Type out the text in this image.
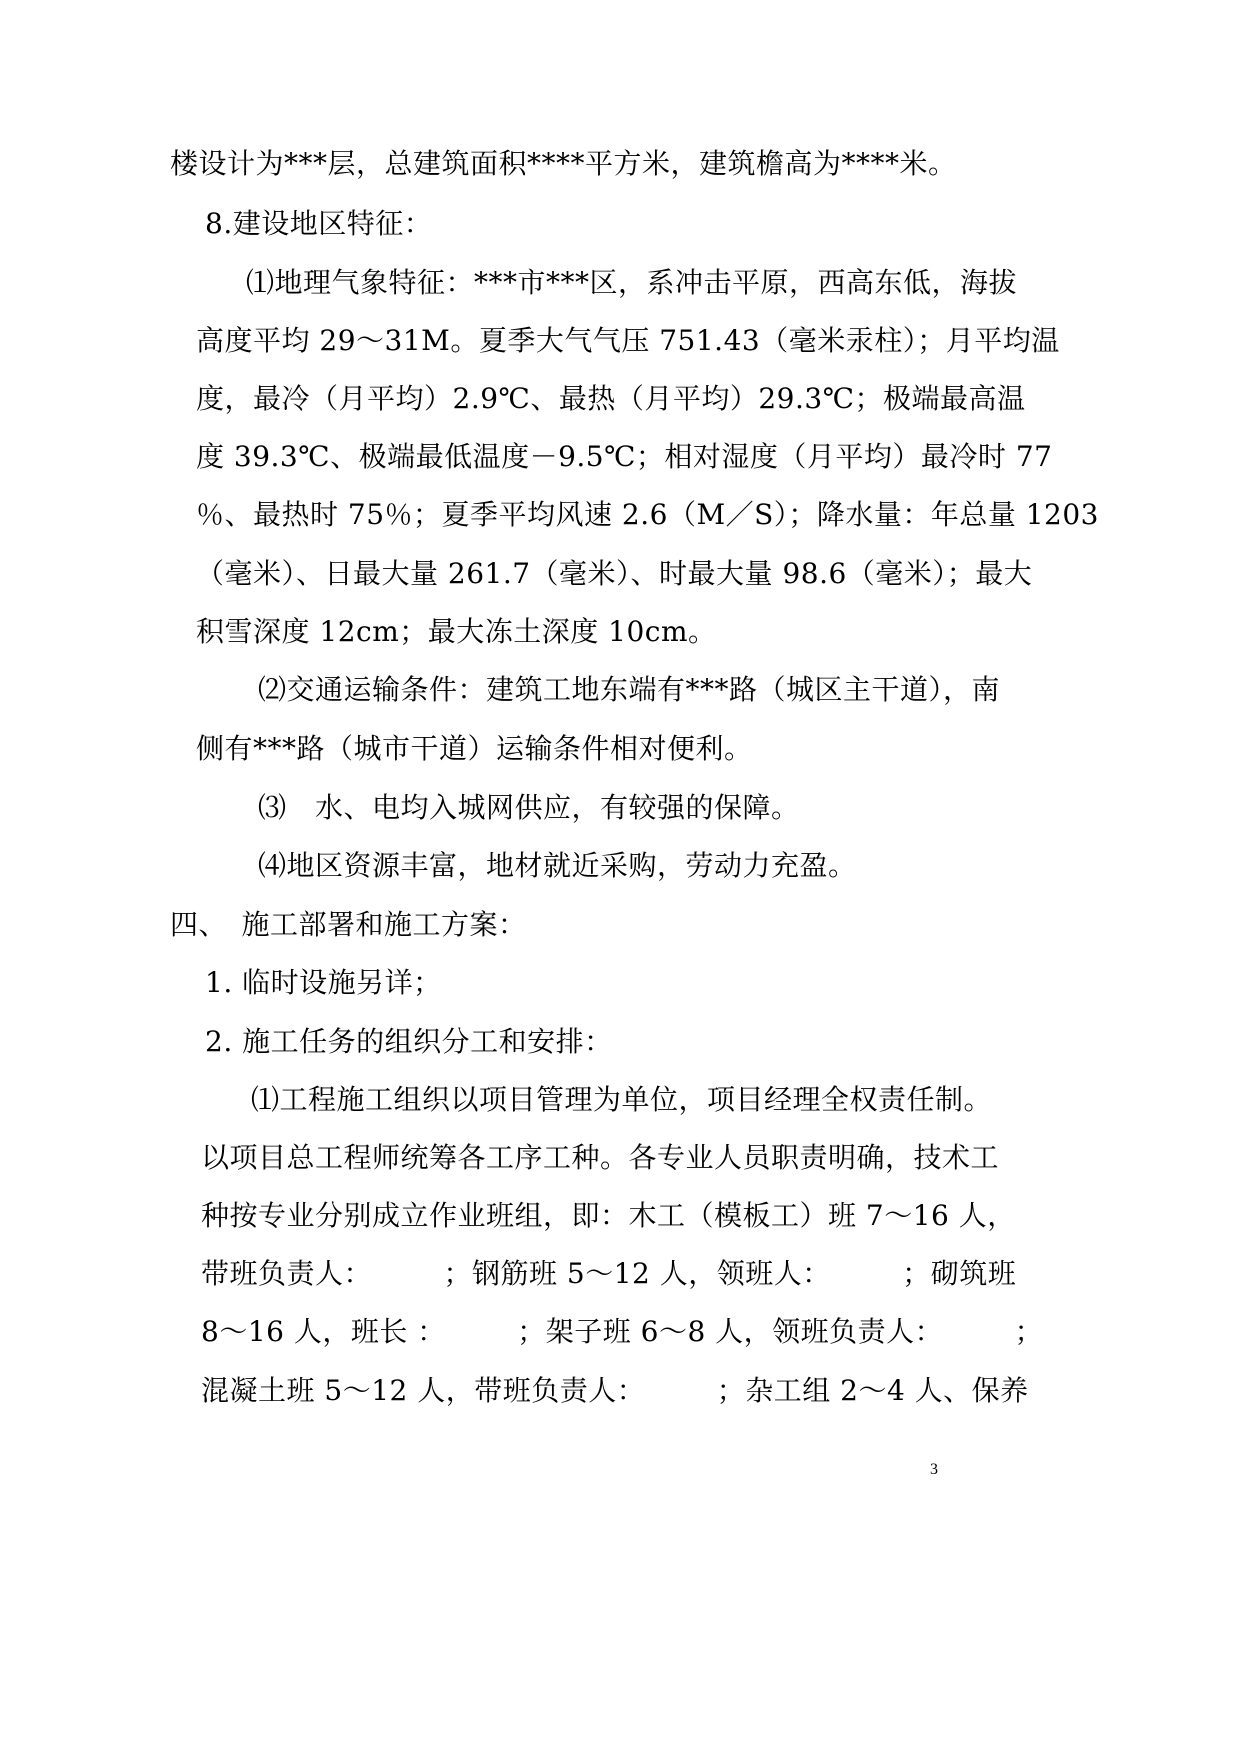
楼设计为***层，总建筑面积****平方米，建筑檐高为****米。
8.建设地区特征：
⑴地理气象特征：***市***区，系冲击平原，西高东低，海拔
高度平均 29～31M。夏季大气气压 751.43（毫米汞柱）；月平均温
度，最冷（月平均）2.9℃、最热（月平均）29.3℃；极端最高温
度 39.3℃、极端最低温度－9.5℃；相对湿度（月平均）最冷时 77
％、最热时 75％；夏季平均风速 2.6（M／S）；降水量：年总量 1203
（毫米）、日最大量 261.7（毫米）、时最大量 98.6（毫米）；最大
积雪深度 12cm；最大冻土深度 10cm。
⑵交通运输条件：建筑工地东端有***路（城区主干道），南
侧有***路（城市干道）运输条件相对便利。
⑶　水、电均入城网供应，有较强的保障。
⑷地区资源丰富，地材就近采购，劳动力充盈。
四、　施工部署和施工方案：
1. 临时设施另详；
2. 施工任务的组织分工和安排：
⑴工程施工组织以项目管理为单位，项目经理全权责任制。
以项目总工程师统筹各工序工种。各专业人员职责明确，技术工
种按专业分别成立作业班组，即：木工（模板工）班 7～16 人，
带班负责人：　　　；钢筋班 5～12 人，领班人：　　　；砌筑班
8～16 人，班长 ：　　　；架子班 6～8 人，领班负责人：　　　；
混凝土班 5～12 人，带班负责人：　　　；杂工组 2～4 人、保养
3
